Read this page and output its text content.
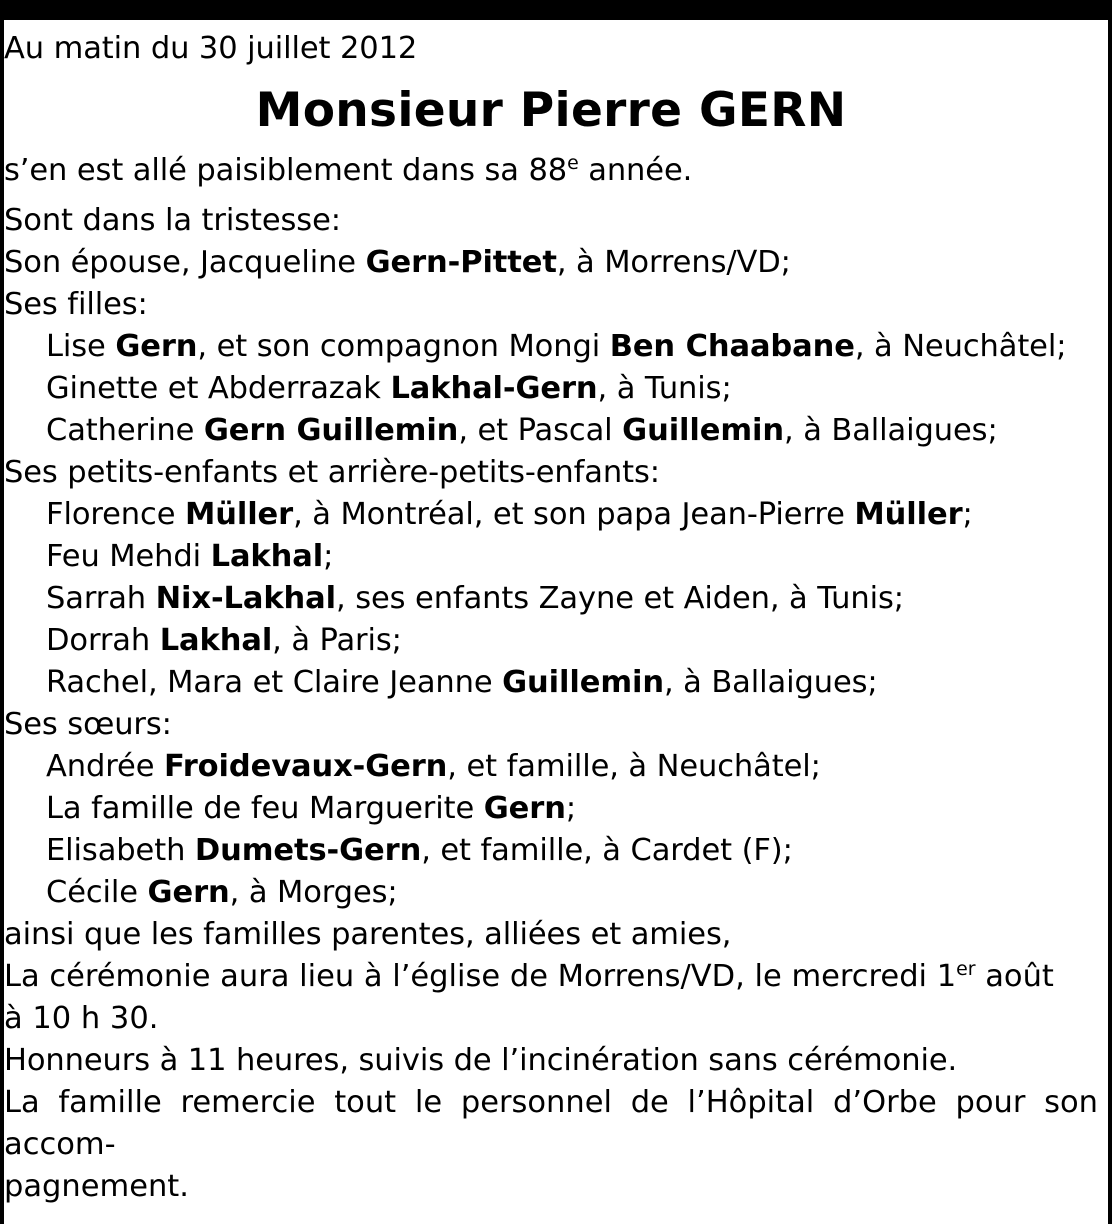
Au matin du 30 juillet 2012
Monsieur Pierre GERN
s’en est allé paisiblement dans sa 88e année.
Sont dans la tristesse:
Son épouse, Jacqueline Gern-Pittet, à Morrens/VD;
Ses filles:
Lise Gern, et son compagnon Mongi Ben Chaabane, à Neuchâtel;
Ginette et Abderrazak Lakhal-Gern, à Tunis;
Catherine Gern Guillemin, et Pascal Guillemin, à Ballaigues;
Ses petits-enfants et arrière-petits-enfants:
Florence Müller, à Montréal, et son papa Jean-Pierre Müller;
Feu Mehdi Lakhal;
Sarrah Nix-Lakhal, ses enfants Zayne et Aiden, à Tunis;
Dorrah Lakhal, à Paris;
Rachel, Mara et Claire Jeanne Guillemin, à Ballaigues;
Ses sœurs:
Andrée Froidevaux-Gern, et famille, à Neuchâtel;
La famille de feu Marguerite Gern;
Elisabeth Dumets-Gern, et famille, à Cardet (F);
Cécile Gern, à Morges;
ainsi que les familles parentes, alliées et amies,
La cérémonie aura lieu à l’église de Morrens/VD, le mercredi 1er août
à 10 h 30.
Honneurs à 11 heures, suivis de l’incinération sans cérémonie.
La famille remercie tout le personnel de l’Hôpital d’Orbe pour son accom-
pagnement.
